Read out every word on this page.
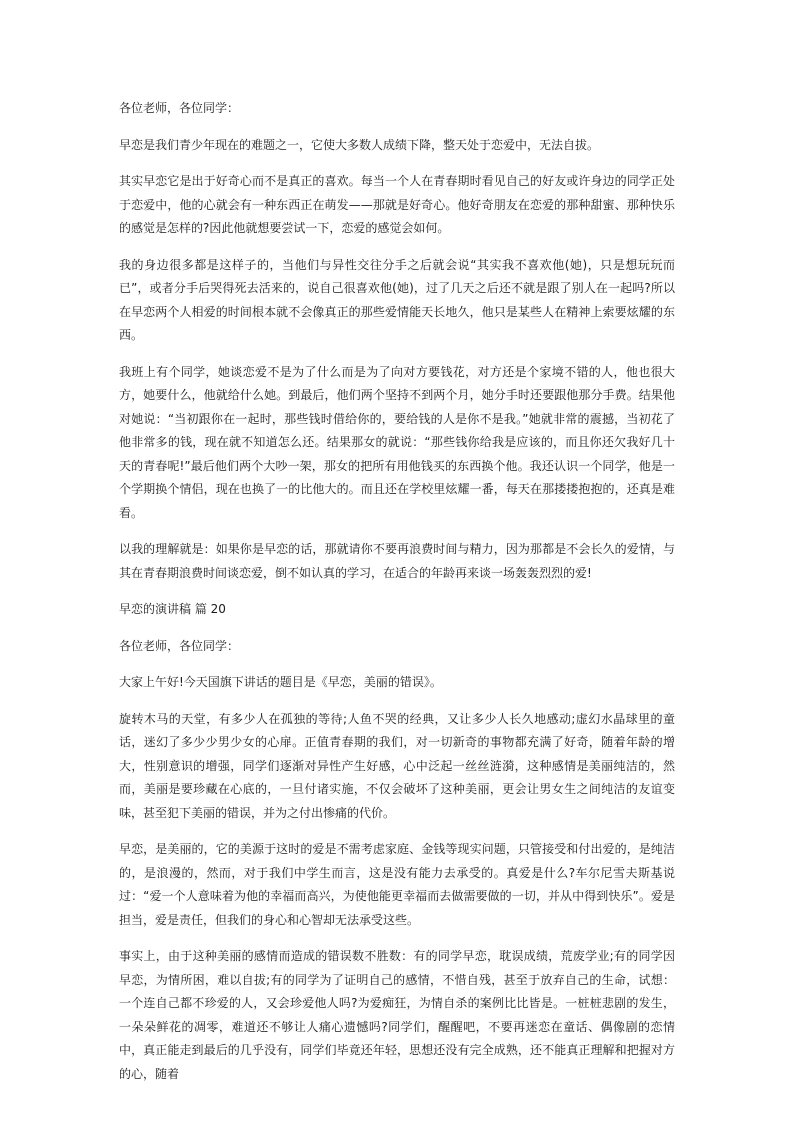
各位老师，各位同学：

早恋是我们青少年现在的难题之一，它使大多数人成绩下降，整天处于恋爱中，无法自拔。

其实早恋它是出于好奇心而不是真正的喜欢。每当一个人在青春期时看见自己的好友或许身边的同学正处于恋爱中，他的心就会有一种东西正在萌发——那就是好奇心。他好奇朋友在恋爱的那种甜蜜、那种快乐的感觉是怎样的?因此他就想要尝试一下，恋爱的感觉会如何。

我的身边很多都是这样子的，当他们与异性交往分手之后就会说“其实我不喜欢他(她)，只是想玩玩而已”，或者分手后哭得死去活来的，说自己很喜欢他(她)，过了几天之后还不就是跟了别人在一起吗?所以在早恋两个人相爱的时间根本就不会像真正的那些爱情能天长地久，他只是某些人在精神上索要炫耀的东西。

我班上有个同学，她谈恋爱不是为了什么而是为了向对方要钱花，对方还是个家境不错的人，他也很大方，她要什么，他就给什么她。到最后，他们两个坚持不到两个月，她分手时还要跟他那分手费。结果他对她说：“当初跟你在一起时，那些钱时借给你的，要给钱的人是你不是我。”她就非常的震撼，当初花了他非常多的钱，现在就不知道怎么还。结果那女的就说：“那些钱你给我是应该的，而且你还欠我好几十天的青春呢!”最后他们两个大吵一架，那女的把所有用他钱买的东西换个他。我还认识一个同学，他是一个学期换个情侣，现在也换了一的比他大的。而且还在学校里炫耀一番，每天在那搂搂抱抱的，还真是难看。

以我的理解就是：如果你是早恋的话，那就请你不要再浪费时间与精力，因为那都是不会长久的爱情，与其在青春期浪费时间谈恋爱，倒不如认真的学习，在适合的年龄再来谈一场轰轰烈烈的爱!

早恋的演讲稿 篇 20

各位老师，各位同学：

大家上午好!今天国旗下讲话的题目是《早恋，美丽的错误》。

旋转木马的天堂，有多少人在孤独的等待;人鱼不哭的经典，又让多少人长久地感动;虚幻水晶球里的童话，迷幻了多少少男少女的心扉。正值青春期的我们，对一切新奇的事物都充满了好奇，随着年龄的增大，性别意识的增强，同学们逐渐对异性产生好感，心中泛起一丝丝涟漪，这种感情是美丽纯洁的，然而，美丽是要珍藏在心底的，一旦付诸实施，不仅会破坏了这种美丽，更会让男女生之间纯洁的友谊变味，甚至犯下美丽的错误，并为之付出惨痛的代价。

早恋，是美丽的，它的美源于这时的爱是不需考虑家庭、金钱等现实问题，只管接受和付出爱的，是纯洁的，是浪漫的，然而，对于我们中学生而言，这是没有能力去承受的。真爱是什么?车尔尼雪夫斯基说过：“爱一个人意味着为他的幸福而高兴，为使他能更幸福而去做需要做的一切，并从中得到快乐”。爱是担当，爱是责任，但我们的身心和心智却无法承受这些。

事实上，由于这种美丽的感情而造成的错误数不胜数：有的同学早恋，耽误成绩，荒废学业;有的同学因早恋，为情所困，难以自拔;有的同学为了证明自己的感情，不惜自残，甚至于放弃自己的生命，试想：一个连自己都不珍爱的人，又会珍爱他人吗?为爱痴狂，为情自杀的案例比比皆是。一桩桩悲剧的发生，一朵朵鲜花的凋零，难道还不够让人痛心遗憾吗?同学们，醒醒吧，不要再迷恋在童话、偶像剧的恋情中，真正能走到最后的几乎没有，同学们毕竟还年轻，思想还没有完全成熟，还不能真正理解和把握对方的心，随着
